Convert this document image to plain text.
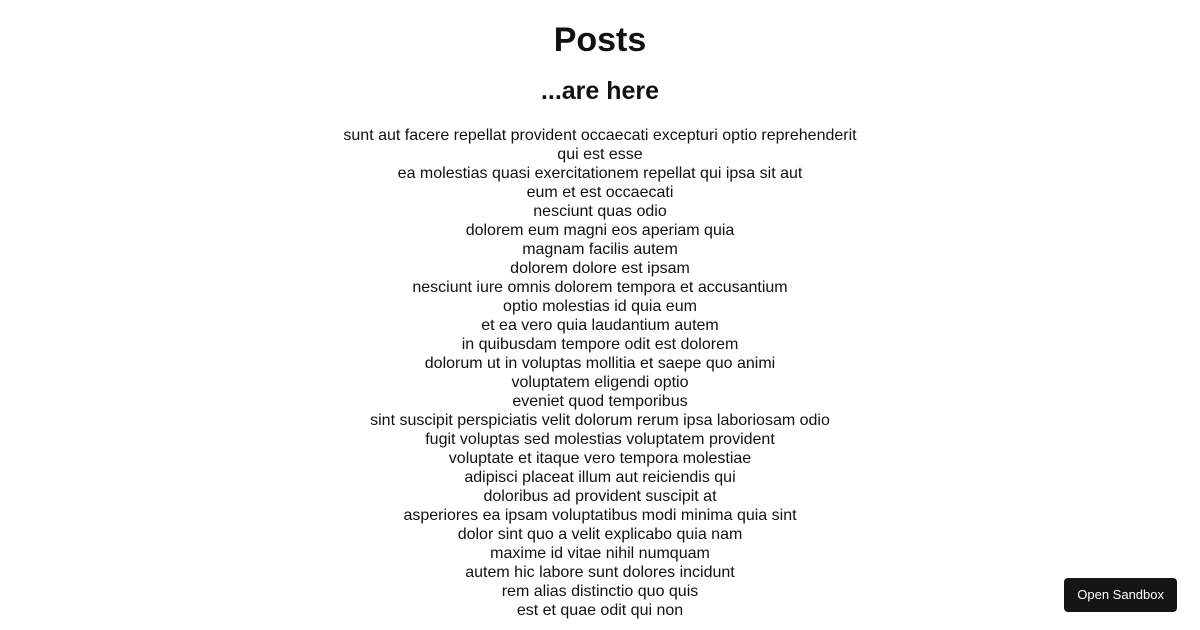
Posts
...are here
sunt aut facere repellat provident occaecati excepturi optio reprehenderit
qui est esse
ea molestias quasi exercitationem repellat qui ipsa sit aut
eum et est occaecati
nesciunt quas odio
dolorem eum magni eos aperiam quia
magnam facilis autem
dolorem dolore est ipsam
nesciunt iure omnis dolorem tempora et accusantium
optio molestias id quia eum
et ea vero quia laudantium autem
in quibusdam tempore odit est dolorem
dolorum ut in voluptas mollitia et saepe quo animi
voluptatem eligendi optio
eveniet quod temporibus
sint suscipit perspiciatis velit dolorum rerum ipsa laboriosam odio
fugit voluptas sed molestias voluptatem provident
voluptate et itaque vero tempora molestiae
adipisci placeat illum aut reiciendis qui
doloribus ad provident suscipit at
asperiores ea ipsam voluptatibus modi minima quia sint
dolor sint quo a velit explicabo quia nam
maxime id vitae nihil numquam
autem hic labore sunt dolores incidunt
rem alias distinctio quo quis
est et quae odit qui non
Open Sandbox
